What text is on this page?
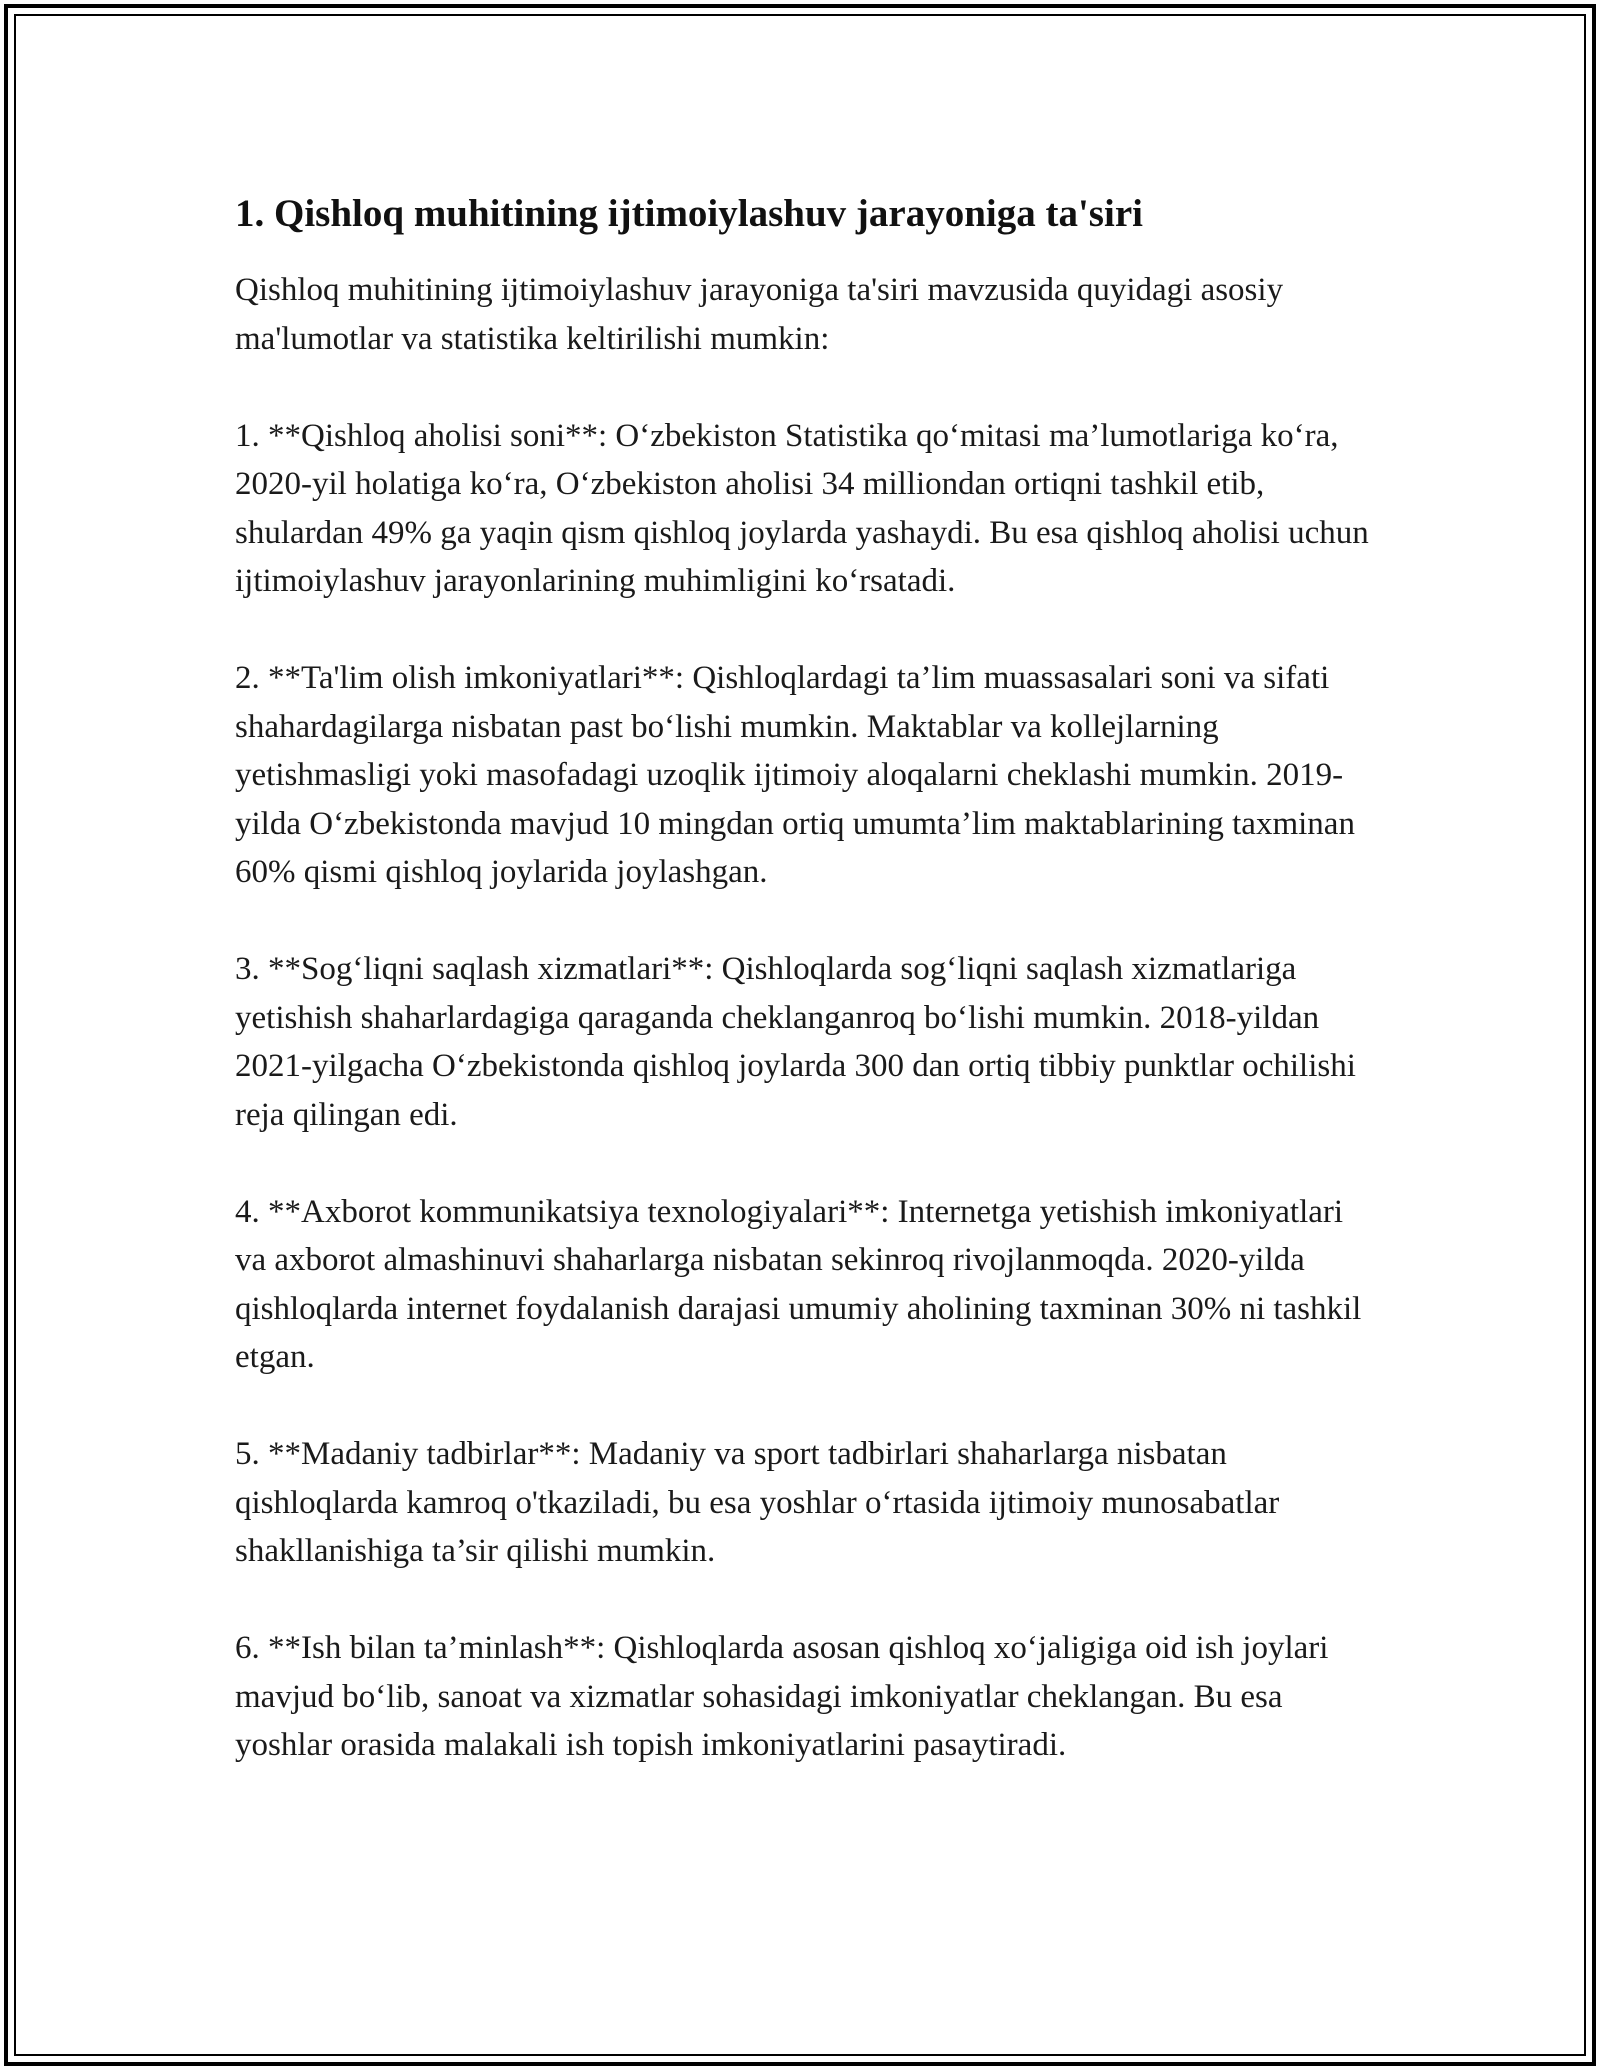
1. Qishloq muhitining ijtimoiylashuv jarayoniga ta'siri

Qishloq muhitining ijtimoiylashuv jarayoniga ta'siri mavzusida quyidagi asosiy ma'lumotlar va statistika keltirilishi mumkin:

1. **Qishloq aholisi soni**: O‘zbekiston Statistika qo‘mitasi ma’lumotlariga ko‘ra, 2020-yil holatiga ko‘ra, O‘zbekiston aholisi 34 milliondan ortiqni tashkil etib, shulardan 49% ga yaqin qism qishloq joylarda yashaydi. Bu esa qishloq aholisi uchun ijtimoiylashuv jarayonlarining muhimligini ko‘rsatadi.

2. **Ta'lim olish imkoniyatlari**: Qishloqlardagi ta’lim muassasalari soni va sifati shahardagilarga nisbatan past bo‘lishi mumkin. Maktablar va kollejlarning yetishmasligi yoki masofadagi uzoqlik ijtimoiy aloqalarni cheklashi mumkin. 2019-yilda O‘zbekistonda mavjud 10 mingdan ortiq umumta’lim maktablarining taxminan 60% qismi qishloq joylarida joylashgan.

3. **Sog‘liqni saqlash xizmatlari**: Qishloqlarda sog‘liqni saqlash xizmatlariga yetishish shaharlardagiga qaraganda cheklanganroq bo‘lishi mumkin. 2018-yildan 2021-yilgacha O‘zbekistonda qishloq joylarda 300 dan ortiq tibbiy punktlar ochilishi reja qilingan edi.

4. **Axborot kommunikatsiya texnologiyalari**: Internetga yetishish imkoniyatlari va axborot almashinuvi shaharlarga nisbatan sekinroq rivojlanmoqda. 2020-yilda qishloqlarda internet foydalanish darajasi umumiy aholining taxminan 30% ni tashkil etgan.

5. **Madaniy tadbirlar**: Madaniy va sport tadbirlari shaharlarga nisbatan qishloqlarda kamroq o'tkaziladi, bu esa yoshlar o‘rtasida ijtimoiy munosabatlar shakllanishiga ta’sir qilishi mumkin.

6. **Ish bilan ta’minlash**: Qishloqlarda asosan qishloq xo‘jaligiga oid ish joylari mavjud bo‘lib, sanoat va xizmatlar sohasidagi imkoniyatlar cheklangan. Bu esa yoshlar orasida malakali ish topish imkoniyatlarini pasaytiradi.
